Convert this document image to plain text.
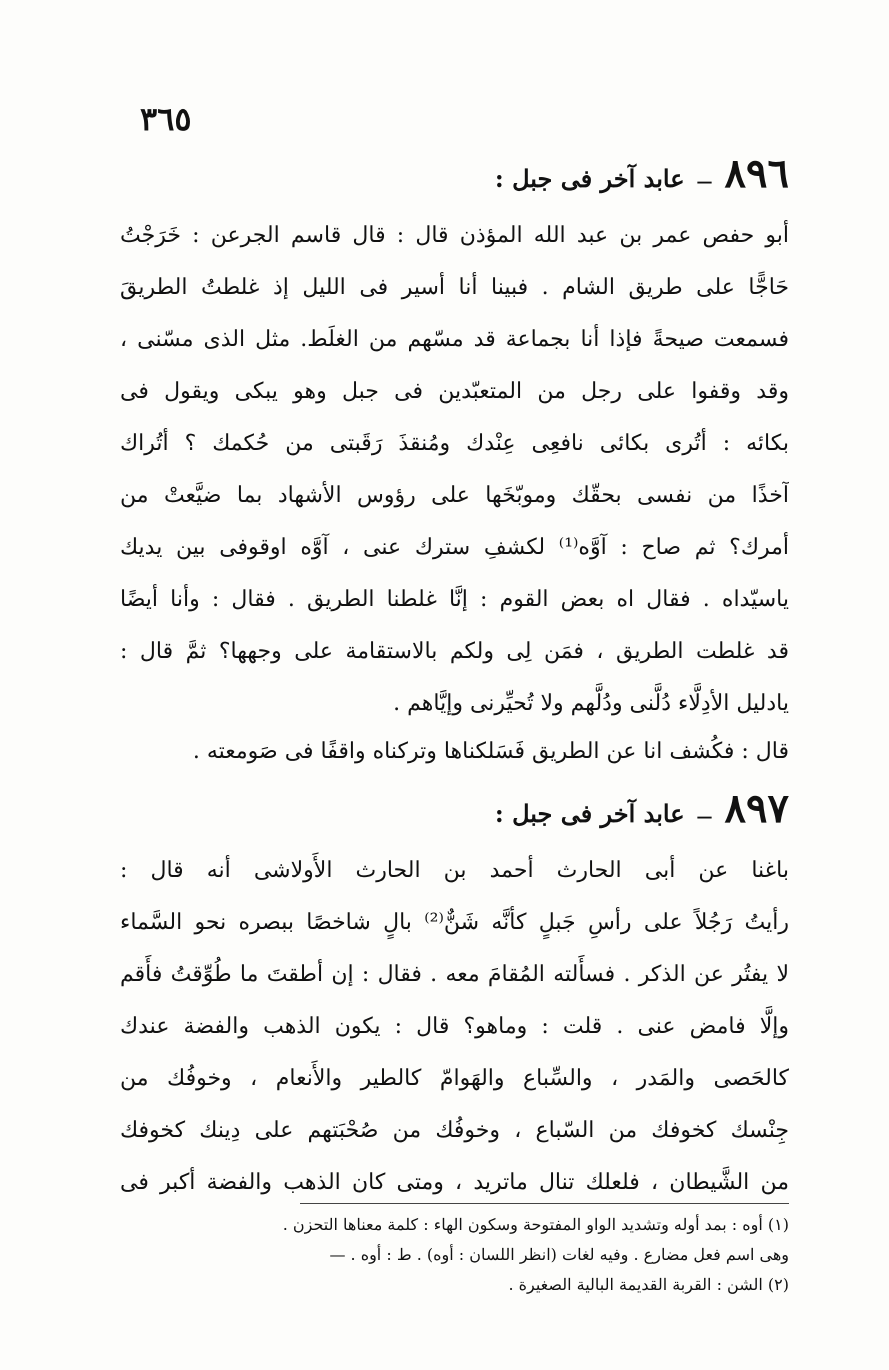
٣٦٥
٨٩٦
—
عابد آخر فى جبل :
أبو حفص عمر بن عبد الله المؤذن قال : قال قاسم الجرعن : خَرَجْتُ
حَاجًّا على طريق الشام . فبينا أنا أسير فى الليل إذ غلطتُ الطريقَ
فسمعت صيحةً فإذا أنا بجماعة قد مسّهم من الغلَط. مثل الذى مسّنى ،
وقد وقفوا على رجل من المتعبّدين فى جبل وهو يبكى ويقول فى
بكائه : أتُرى بكائى نافعِى عِنْدك ومُنقذَ رَقَبتى من حُكمك ؟ أتُراك
آخذًا من نفسى بحقّك وموبّخَها على رؤوس الأشهاد بما ضيَّعتْ من
أمرك؟ ثم صاح : آوَّه⁽¹⁾ لكشفِ سترك عنى ، آوَّه اوقوفى بين يديك
ياسيّداه . فقال اه بعض القوم : إنَّا غلطنا الطريق . فقال : وأنا أيضًا
قد غلطت الطريق ، فمَن لِى ولكم بالاستقامة على وجهها؟ ثمَّ قال :
يادليل الأدِلَّاء دُلَّنى ودُلَّهم ولا تُحيِّرنى وإيَّاهم .
قال : فكُشف انا عن الطريق فَسَلكناها وتركناه واقفًا فى صَومعته .
٨٩٧
—
عابد آخر فى جبل :
باغنا عن أبى الحارث أحمد بن الحارث الأَولاشى أنه قال :
رأيتُ رَجُلاً على رأسِ جَبلٍ كأنَّه شَنٌّ⁽²⁾ بالٍ شاخصًا ببصره نحو السَّماء
لا يفتُر عن الذكر . فسأَلته المُقامَ معه . فقال : إن أطقتَ ما طُوِّقتُ فأَقم
وإلَّا فامض عنى . قلت : وماهو؟ قال : يكون الذهب والفضة عندك
كالحَصى والمَدر ، والسِّباع والهَوامّ كالطير والأَنعام ، وخوفُك من
جِنْسك كخوفك من السّباع ، وخوفُك من صُحْبَتهم على دِينك كخوفك
من الشَّيطان ، فلعلك تنال ماتريد ، ومتى كان الذهب والفضة أكبر فى
(١) أوه : بمد أوله وتشديد الواو المفتوحة وسكون الهاء : كلمة معناها التحزن .
وهى اسم فعل مضارع . وفيه لغات (انظر اللسان : أوه) . ط : أوه . —
(٢) الشن : القربة القديمة البالية الصغيرة .
